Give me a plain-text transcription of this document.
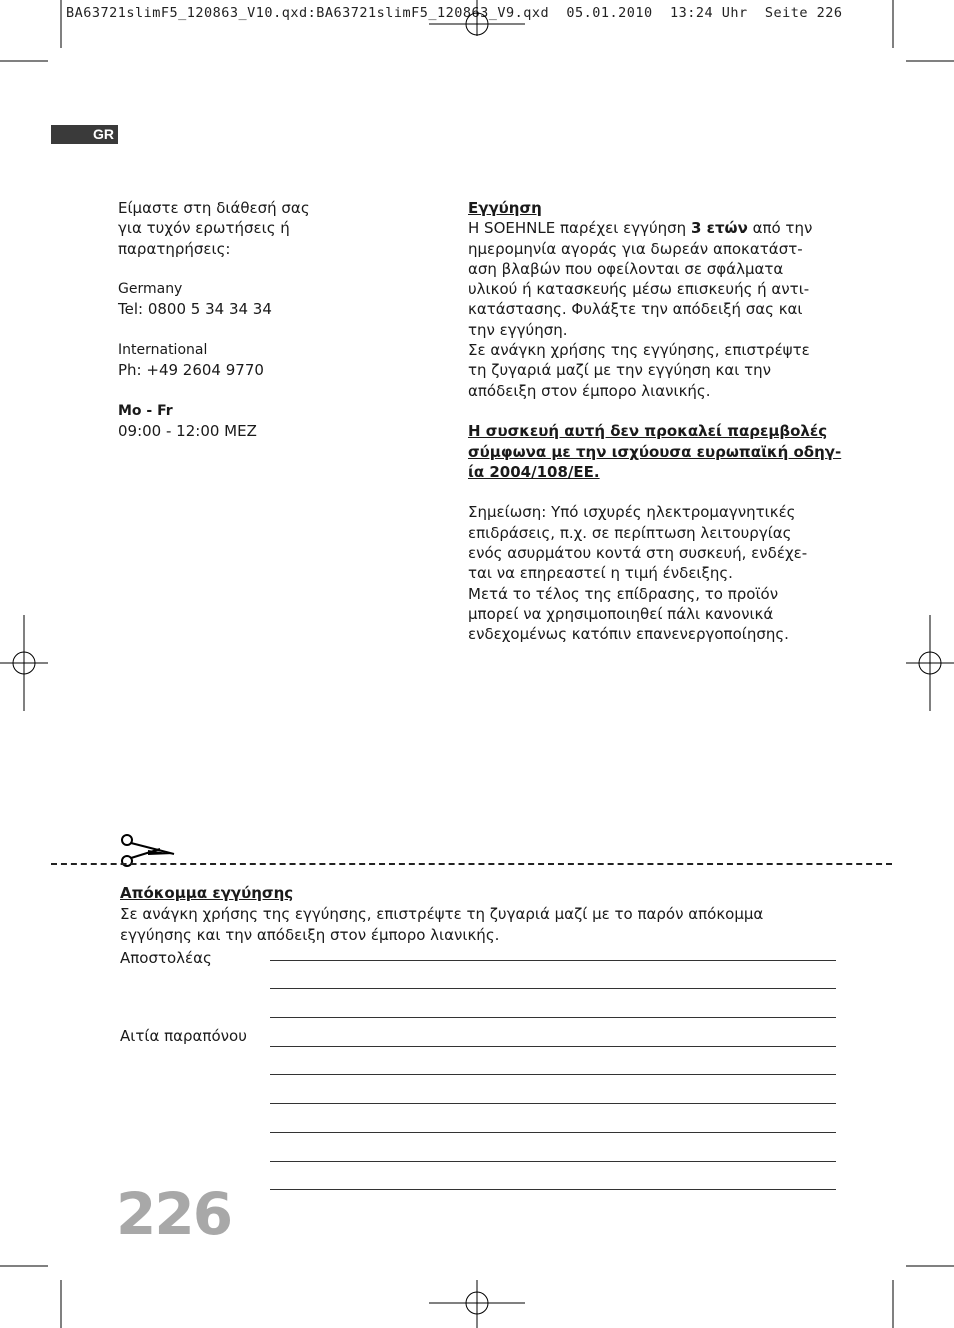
BA63721slimF5_120863_V10.qxd:BA63721slimF5_120863_V9.qxd  05.01.2010  13:24 Uhr  Seite 226
GR

Είμαστε στη διάθεσή σας

για τυχόν ερωτήσεις ή

παρατηρήσεις:

Germany

Tel: 0800 5 34 34 34

International

Ph: +49 2604 9770

Mo - Fr

09:00 - 12:00 MEZ

Εγγύηση

Η SOEHNLE παρέχει εγγύηση 3 ετών από την

ημερομηνία αγοράς για δωρεάν αποκατάστ-

αση βλαβών που οφείλονται σε σφάλματα

υλικού ή κατασκευής μέσω επισκευής ή αντι-

κατάστασης. Φυλάξτε την απόδειξή σας και

την εγγύηση.

Σε ανάγκη χρήσης της εγγύησης, επιστρέψτε

τη ζυγαριά μαζί με την εγγύηση και την

απόδειξη στον έμπορο λιανικής.

Η συσκευή αυτή δεν προκαλεί παρεμβολές

σύμφωνα με την ισχύουσα ευρωπαϊκή οδηγ-

ία 2004/108/ΕΕ.

Σημείωση: Υπό ισχυρές ηλεκτρομαγνητικές

επιδράσεις, π.χ. σε περίπτωση λειτουργίας

ενός ασυρμάτου κοντά στη συσκευή, ενδέχε-

ται να επηρεαστεί η τιμή ένδειξης.

Μετά το τέλος της επίδρασης, το προϊόν

μπορεί να χρησιμοποιηθεί πάλι κανονικά

ενδεχομένως κατόπιν επανενεργοποίησης.

Απόκομμα εγγύησης

Σε ανάγκη χρήσης της εγγύησης, επιστρέψτε τη ζυγαριά μαζί με το παρόν απόκομμα

εγγύησης και την απόδειξη στον έμπορο λιανικής.

Αποστολέας
Αιτία παραπόνου
226
